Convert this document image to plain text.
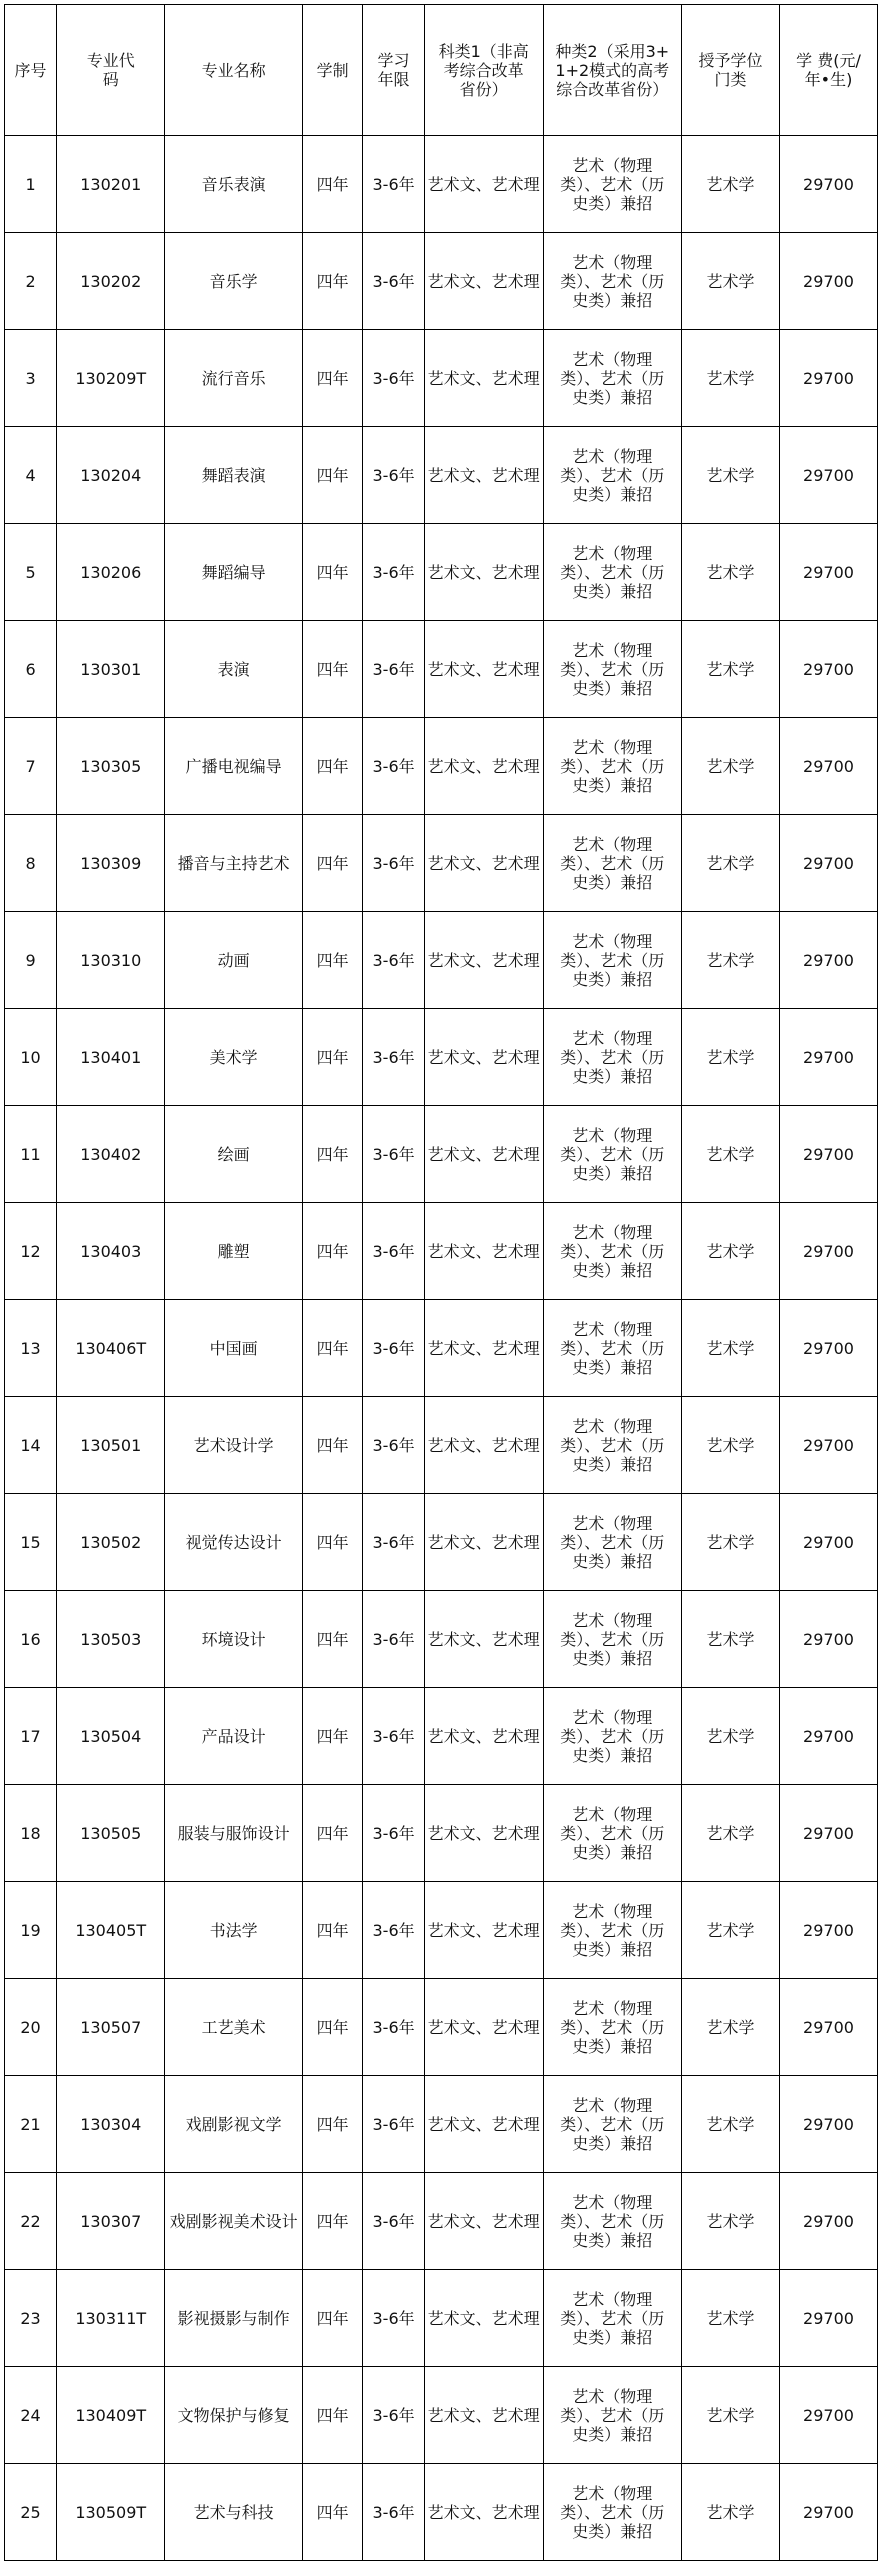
序号	专业代码	专业名称	学制	学习年限	科类1（非高考综合改革省份）	种类2（采用3+1+2模式的高考综合改革省份）	授予学位门类	学 费(元/年•生)
1	130201	音乐表演	四年	3-6年	艺术文、艺术理	艺术（物理类）、艺术（历史类）兼招	艺术学	29700
2	130202	音乐学	四年	3-6年	艺术文、艺术理	艺术（物理类）、艺术（历史类）兼招	艺术学	29700
3	130209T	流行音乐	四年	3-6年	艺术文、艺术理	艺术（物理类）、艺术（历史类）兼招	艺术学	29700
4	130204	舞蹈表演	四年	3-6年	艺术文、艺术理	艺术（物理类）、艺术（历史类）兼招	艺术学	29700
5	130206	舞蹈编导	四年	3-6年	艺术文、艺术理	艺术（物理类）、艺术（历史类）兼招	艺术学	29700
6	130301	表演	四年	3-6年	艺术文、艺术理	艺术（物理类）、艺术（历史类）兼招	艺术学	29700
7	130305	广播电视编导	四年	3-6年	艺术文、艺术理	艺术（物理类）、艺术（历史类）兼招	艺术学	29700
8	130309	播音与主持艺术	四年	3-6年	艺术文、艺术理	艺术（物理类）、艺术（历史类）兼招	艺术学	29700
9	130310	动画	四年	3-6年	艺术文、艺术理	艺术（物理类）、艺术（历史类）兼招	艺术学	29700
10	130401	美术学	四年	3-6年	艺术文、艺术理	艺术（物理类）、艺术（历史类）兼招	艺术学	29700
11	130402	绘画	四年	3-6年	艺术文、艺术理	艺术（物理类）、艺术（历史类）兼招	艺术学	29700
12	130403	雕塑	四年	3-6年	艺术文、艺术理	艺术（物理类）、艺术（历史类）兼招	艺术学	29700
13	130406T	中国画	四年	3-6年	艺术文、艺术理	艺术（物理类）、艺术（历史类）兼招	艺术学	29700
14	130501	艺术设计学	四年	3-6年	艺术文、艺术理	艺术（物理类）、艺术（历史类）兼招	艺术学	29700
15	130502	视觉传达设计	四年	3-6年	艺术文、艺术理	艺术（物理类）、艺术（历史类）兼招	艺术学	29700
16	130503	环境设计	四年	3-6年	艺术文、艺术理	艺术（物理类）、艺术（历史类）兼招	艺术学	29700
17	130504	产品设计	四年	3-6年	艺术文、艺术理	艺术（物理类）、艺术（历史类）兼招	艺术学	29700
18	130505	服装与服饰设计	四年	3-6年	艺术文、艺术理	艺术（物理类）、艺术（历史类）兼招	艺术学	29700
19	130405T	书法学	四年	3-6年	艺术文、艺术理	艺术（物理类）、艺术（历史类）兼招	艺术学	29700
20	130507	工艺美术	四年	3-6年	艺术文、艺术理	艺术（物理类）、艺术（历史类）兼招	艺术学	29700
21	130304	戏剧影视文学	四年	3-6年	艺术文、艺术理	艺术（物理类）、艺术（历史类）兼招	艺术学	29700
22	130307	戏剧影视美术设计	四年	3-6年	艺术文、艺术理	艺术（物理类）、艺术（历史类）兼招	艺术学	29700
23	130311T	影视摄影与制作	四年	3-6年	艺术文、艺术理	艺术（物理类）、艺术（历史类）兼招	艺术学	29700
24	130409T	文物保护与修复	四年	3-6年	艺术文、艺术理	艺术（物理类）、艺术（历史类）兼招	艺术学	29700
25	130509T	艺术与科技	四年	3-6年	艺术文、艺术理	艺术（物理类）、艺术（历史类）兼招	艺术学	29700
